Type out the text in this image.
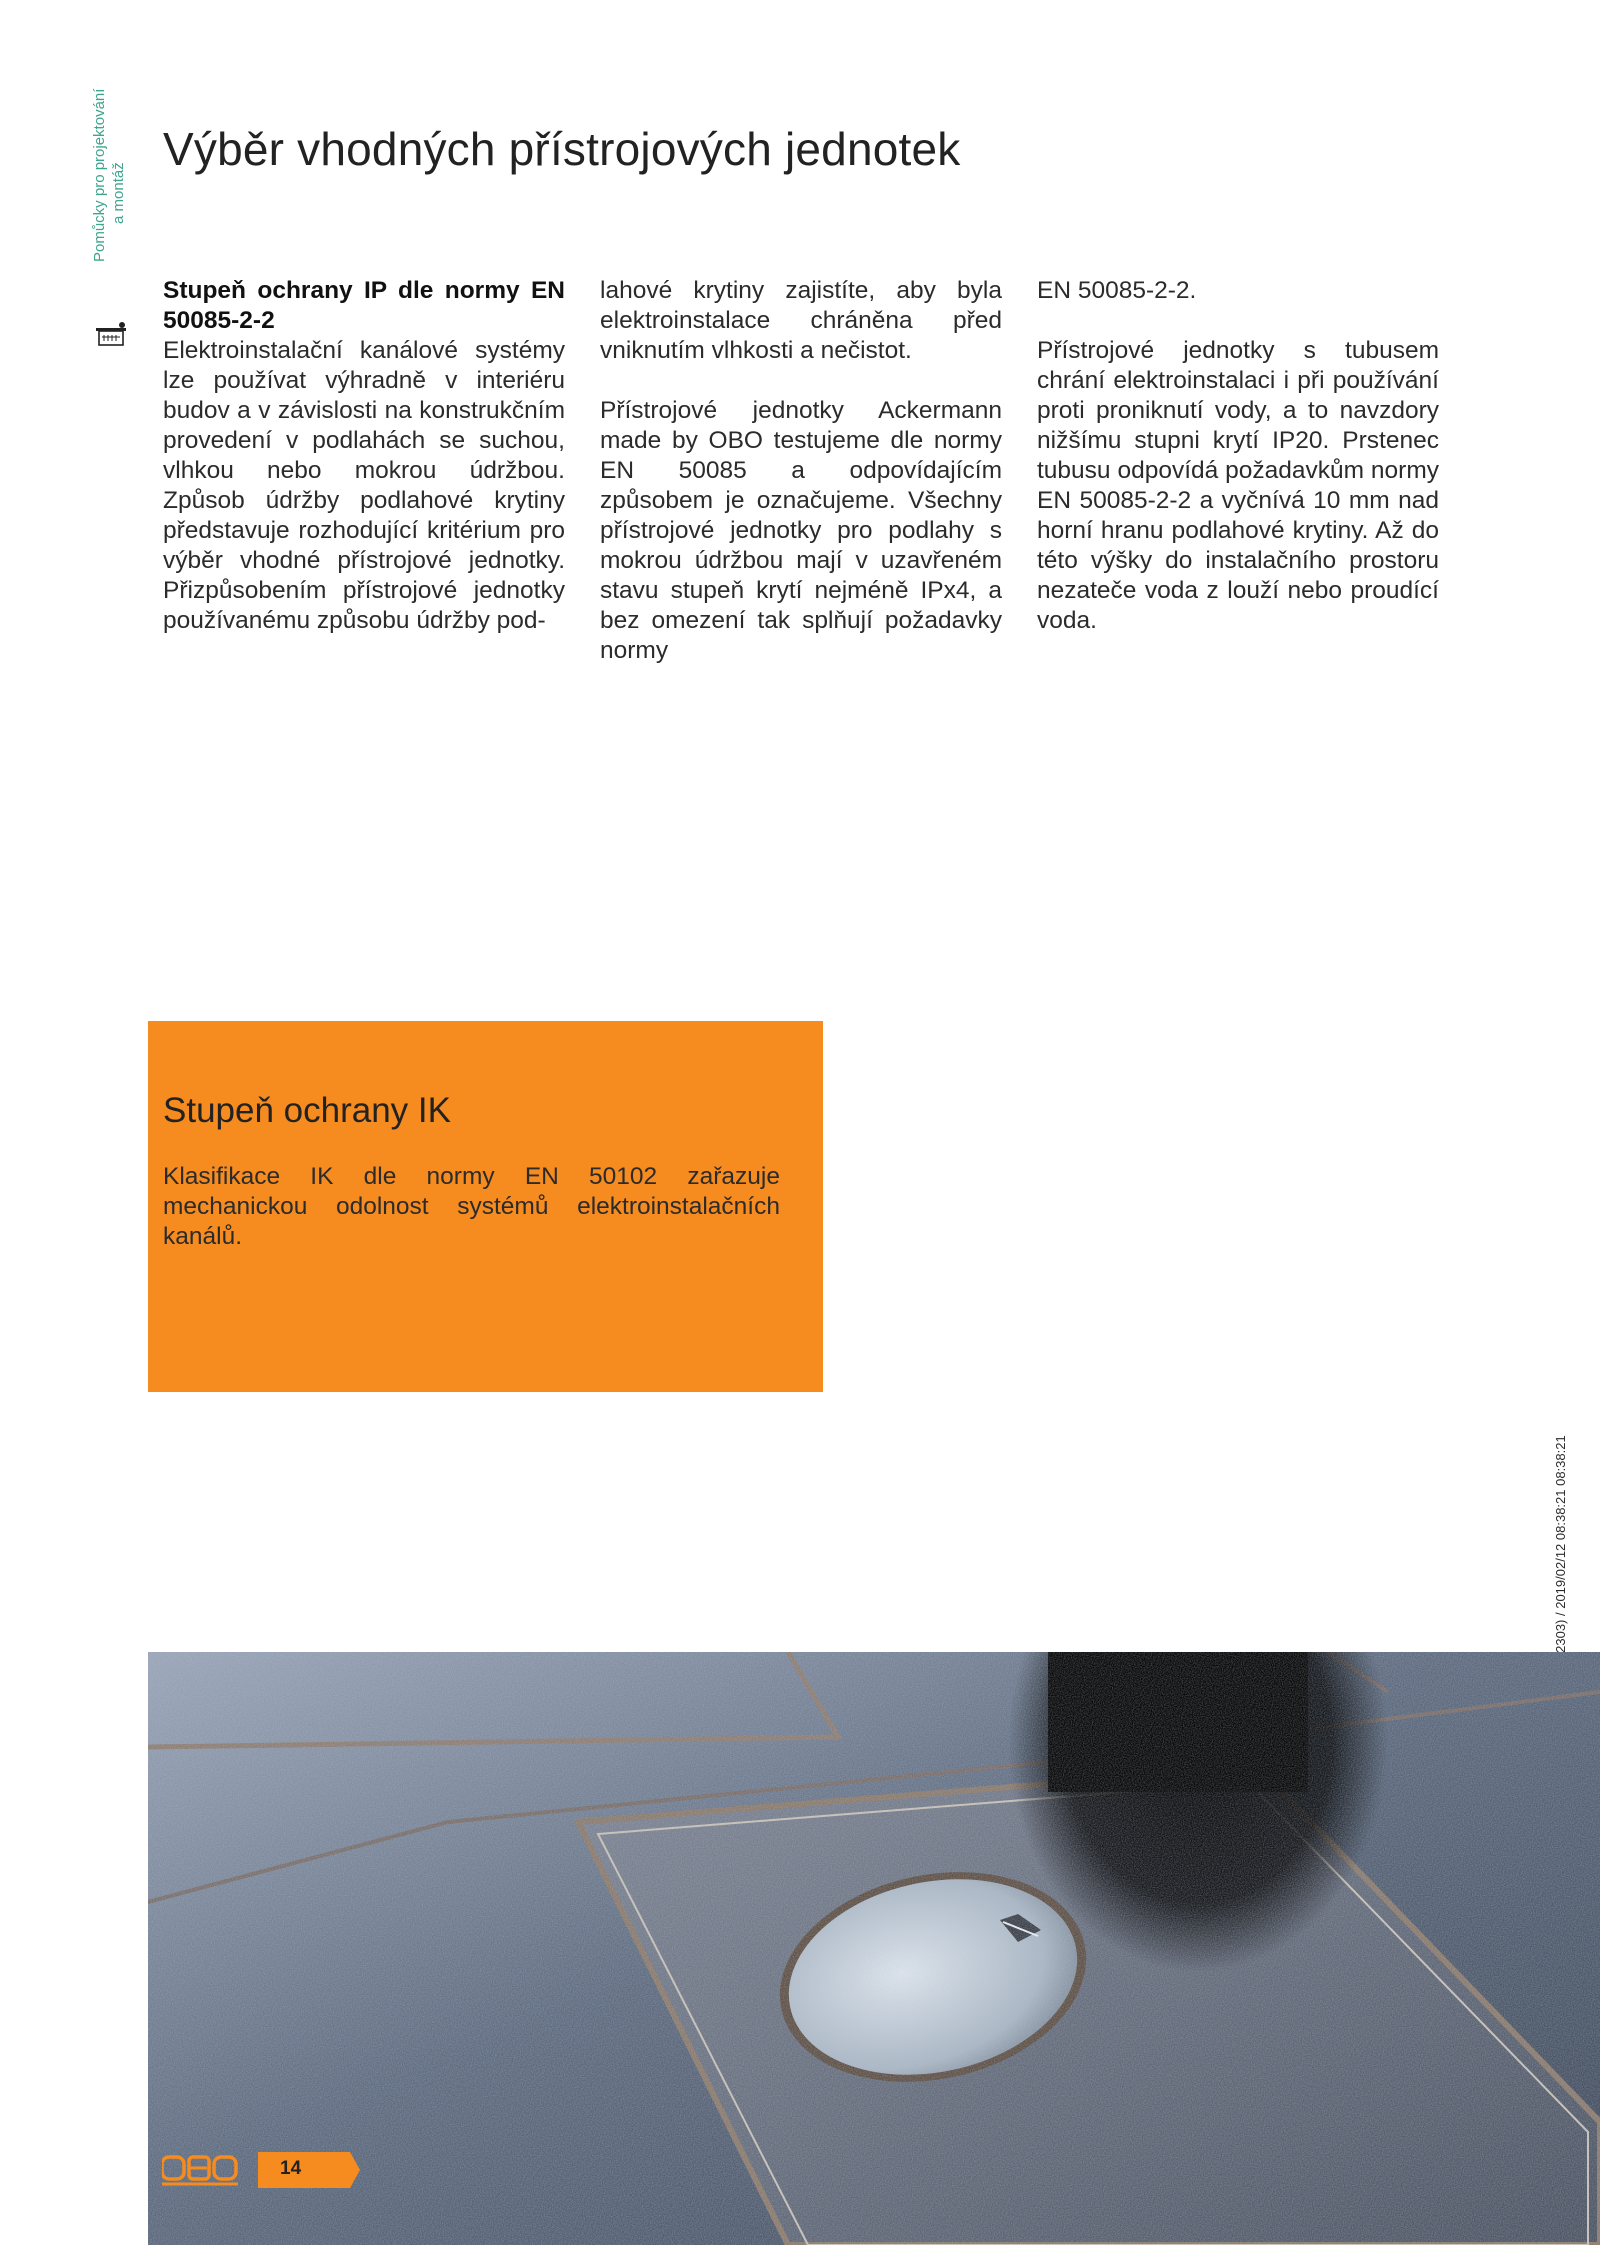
Pomůcky pro projektování a montáž
Výběr vhodných přístrojových jednotek

Stupeň ochrany IP dle normy EN 50085-2-2
Elektroinstalační kanálové systémy lze používat výhradně v interiéru budov a v závislosti na konstrukčním provedení v podlahách se suchou, vlhkou nebo mokrou údržbou. Způsob údržby podlahové krytiny představuje rozhodující kritérium pro výběr vhodné přístrojové jednotky. Přizpůsobením přístrojové jednotky používanému způsobu údržby pod-

lahové krytiny zajistíte, aby byla elektroinstalace chráněna před vniknutím vlhkosti a nečistot.

Přístrojové jednotky Ackermann made by OBO testujeme dle normy EN 50085 a odpovídajícím způsobem je označujeme. Všechny přístrojové jednotky pro podlahy s mokrou údržbou mají v uzavřeném stavu stupeň krytí nejméně IPx4, a bez omezení tak splňují požadavky normy

EN 50085-2-2.

Přístrojové jednotky s tubusem chrání elektroinstalaci i při používání proti proniknutí vody, a to navzdory nižšímu stupni krytí IP20. Prstenec tubusu odpovídá požadavkům normy EN 50085-2-2 a vyčnívá 10 mm nad horní hranu podlahové krytiny. Až do této výšky do instalačního prostoru nezateče voda z louží nebo proudící voda.

Stupeň ochrany IK

Klasifikace IK dle normy EN 50102 zařazuje mechanickou odolnost systémů elektroinstalačních kanálů.

14
